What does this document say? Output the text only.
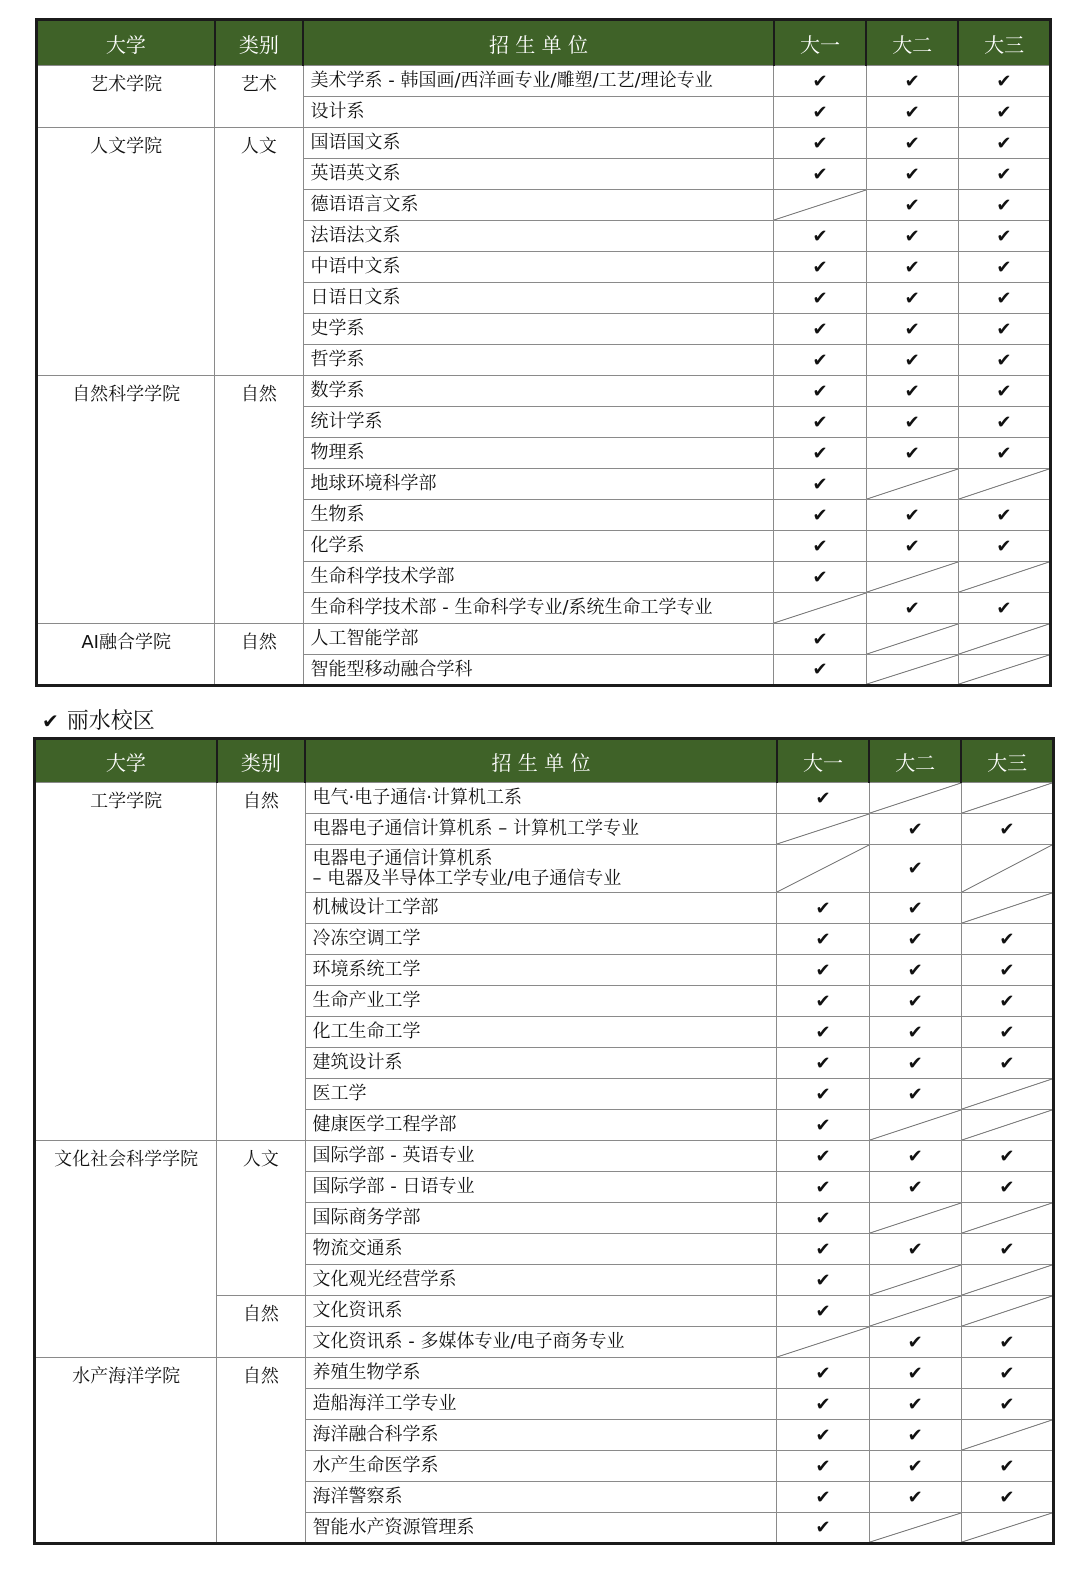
大学	类别	招 生 单 位	大一	大二	大三
艺术学院	艺术	美术学系 - 韩国画/西洋画专业/雕塑/工艺/理论专业	✔	✔	✔
		设计系	✔	✔	✔
人文学院	人文	国语国文系	✔	✔	✔
		英语英文系	✔	✔	✔
		德语语言文系		✔	✔
		法语法文系	✔	✔	✔
		中语中文系	✔	✔	✔
		日语日文系	✔	✔	✔
		史学系	✔	✔	✔
		哲学系	✔	✔	✔
自然科学学院	自然	数学系	✔	✔	✔
		统计学系	✔	✔	✔
		物理系	✔	✔	✔
		地球环境科学部	✔		
		生物系	✔	✔	✔
		化学系	✔	✔	✔
		生命科学技术学部	✔		
		生命科学技术部 - 生命科学专业/系统生命工学专业		✔	✔
AI融合学院	自然	人工智能学部	✔		
		智能型移动融合学科	✔		
✔ 丽水校区
大学	类别	招 生 单 位	大一	大二	大三
工学学院	自然	电气·电子通信·计算机工系	✔		
		电器电子通信计算机系 – 计算机工学专业		✔	✔

		电器电子通信计算机系
– 电器及半导体工学专业/电子通信专业		✔	
		机械设计工学部	✔	✔	
		冷冻空调工学	✔	✔	✔
		环境系统工学	✔	✔	✔
		生命产业工学	✔	✔	✔
		化工生命工学	✔	✔	✔
		建筑设计系	✔	✔	✔
		医工学	✔	✔	
		健康医学工程学部	✔		
文化社会科学学院	人文	国际学部 - 英语专业	✔	✔	✔
		国际学部 - 日语专业	✔	✔	✔
		国际商务学部	✔		
		物流交通系	✔	✔	✔
		文化观光经营学系	✔		
	自然	文化资讯系	✔		
		文化资讯系 - 多媒体专业/电子商务专业		✔	✔
水产海洋学院	自然	养殖生物学系	✔	✔	✔
		造船海洋工学专业	✔	✔	✔
		海洋融合科学系	✔	✔	
		水产生命医学系	✔	✔	✔
		海洋警察系	✔	✔	✔
		智能水产资源管理系	✔		
